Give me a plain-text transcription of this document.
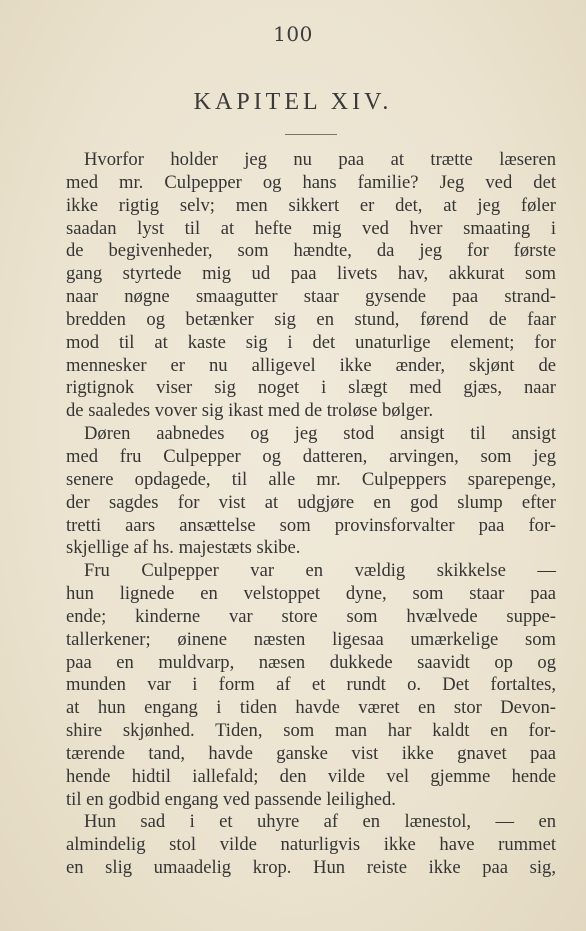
100
KAPITEL XIV.
Hvorfor holder jeg nu paa at trætte læseren
med mr. Culpepper og hans familie? Jeg ved det
ikke rigtig selv; men sikkert er det, at jeg føler
saadan lyst til at hefte mig ved hver smaating i
de begivenheder, som hændte, da jeg for første
gang styrtede mig ud paa livets hav, akkurat som
naar nøgne smaagutter staar gysende paa strand-
bredden og betænker sig en stund, førend de faar
mod til at kaste sig i det unaturlige element; for
mennesker er nu alligevel ikke ænder, skjønt de
rigtignok viser sig noget i slægt med gjæs, naar
de saaledes vover sig ikast med de troløse bølger.
Døren aabnedes og jeg stod ansigt til ansigt
med fru Culpepper og datteren, arvingen, som jeg
senere opdagede, til alle mr. Culpeppers sparepenge,
der sagdes for vist at udgjøre en god slump efter
tretti aars ansættelse som provinsforvalter paa for-
skjellige af hs. majestæts skibe.
Fru Culpepper var en vældig skikkelse —
hun lignede en velstoppet dyne, som staar paa
ende; kinderne var store som hvælvede suppe-
tallerkener; øinene næsten ligesaa umærkelige som
paa en muldvarp, næsen dukkede saavidt op og
munden var i form af et rundt o. Det fortaltes,
at hun engang i tiden havde været en stor Devon-
shire skjønhed. Tiden, som man har kaldt en for-
tærende tand, havde ganske vist ikke gnavet paa
hende hidtil iallefald; den vilde vel gjemme hende
til en godbid engang ved passende leilighed.
Hun sad i et uhyre af en lænestol, — en
almindelig stol vilde naturligvis ikke have rummet
en slig umaadelig krop. Hun reiste ikke paa sig,
